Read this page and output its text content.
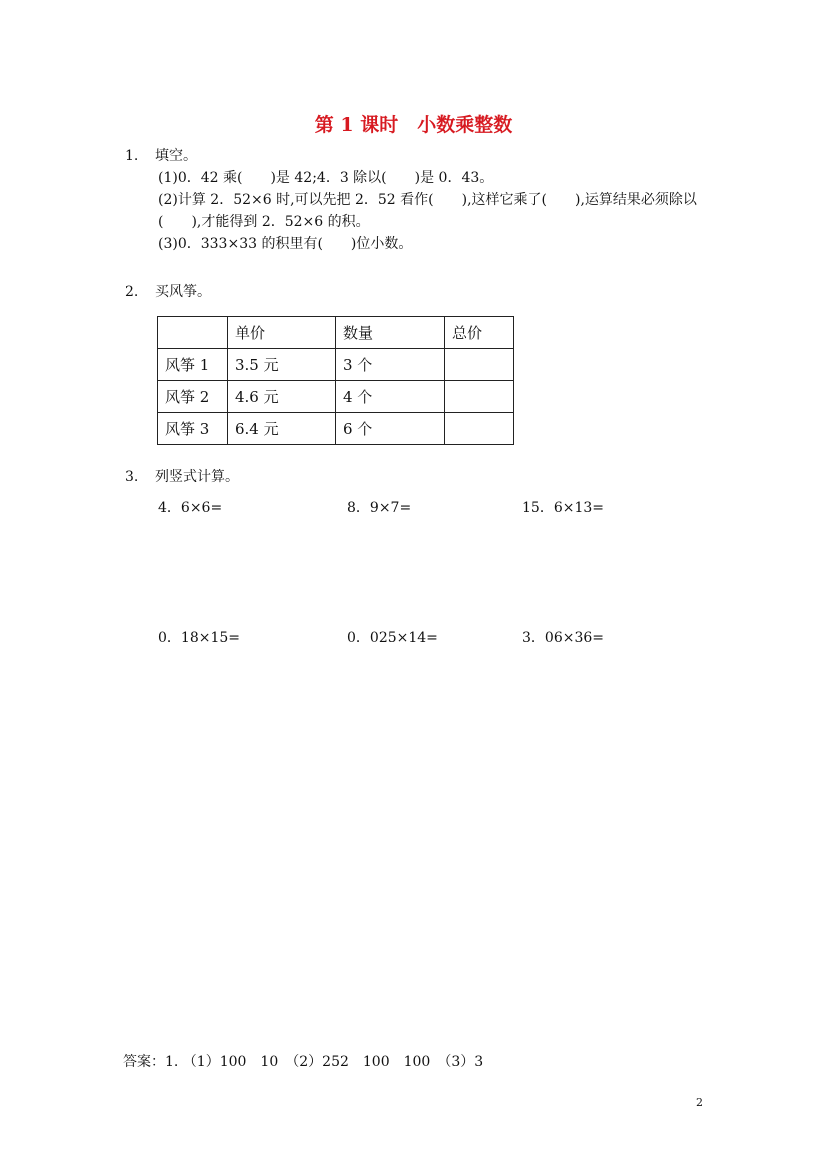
第 1 课时　小数乘整数
1. 填空。
(1)0．42 乘(　　)是 42;4．3 除以(　　)是 0．43。
(2)计算 2．52×6 时,可以先把 2．52 看作(　　),这样它乘了(　　),运算结果必须除以
(　　),才能得到 2．52×6 的积。
(3)0．333×33 的积里有(　　)位小数。
2. 买风筝。
	单价	数量	总价
风筝 1	3.5 元	3 个	
风筝 2	4.6 元	4 个	
风筝 3	6.4 元	6 个	
3. 列竖式计算。
4．6×6=	8．9×7=	15．6×13=
0．18×15=	0．025×14=	3．06×36=
答案：1. （1）100　10　（2）252　100　100　（3）3
2
